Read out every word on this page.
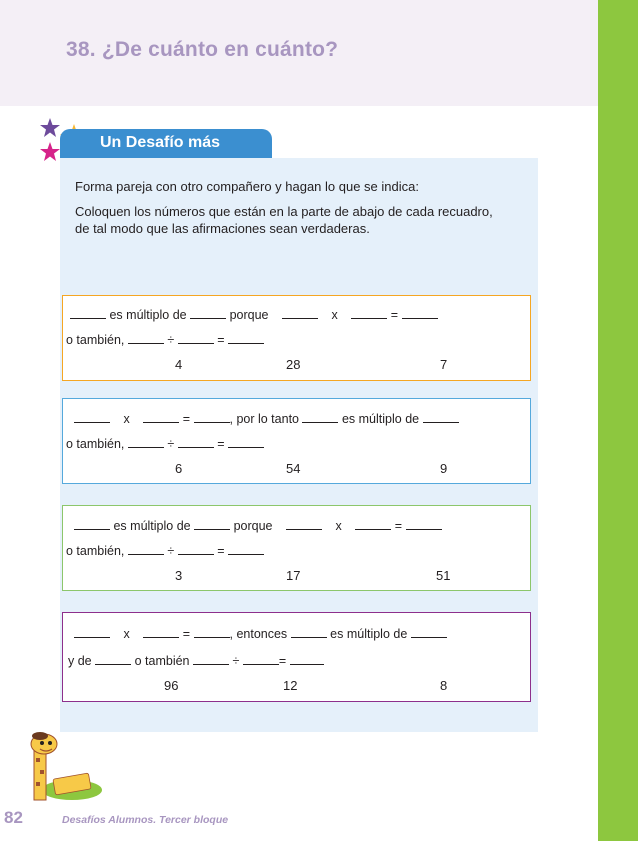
38. ¿De cuánto en cuánto?
Un Desafío más

Forma pareja con otro compañero y hagan lo que se indica:

Coloquen los números que están en la parte de abajo de cada recuadro,
de tal modo que las afirmaciones sean verdaderas.

es múltiplo de	porque	x	=
o también,	÷	=
4	28	7
x	=	, por lo tanto	es múltiplo de
o también,	÷	=
6	54	9
es múltiplo de	porque	x	=
o también,	÷	=
3	17	51
x	=	, entonces	es múltiplo de
y de	o también	÷	=
96	12	8
82	Desafíos Alumnos. Tercer bloque
